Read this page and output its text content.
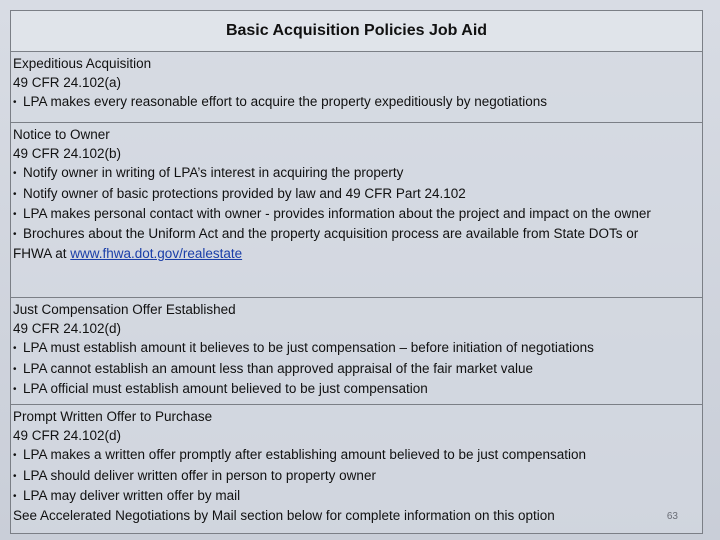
Basic Acquisition Policies Job Aid
Expeditious Acquisition
49 CFR 24.102(a)
• LPA makes every reasonable effort to acquire the property expeditiously by negotiations
Notice to Owner
49 CFR 24.102(b)
• Notify owner in writing of LPA’s interest in acquiring the property
• Notify owner of basic protections provided by law and 49 CFR Part 24.102
• LPA makes personal contact with owner - provides information about the project and impact on the owner
• Brochures about the Uniform Act and the property acquisition process are available from State DOTs or FHWA at www.fhwa.dot.gov/realestate
Just Compensation Offer Established
49 CFR 24.102(d)
• LPA must establish amount it believes to be just compensation – before initiation of negotiations
• LPA cannot establish an amount less than approved appraisal of the fair market value
• LPA official must establish amount believed to be just compensation
Prompt Written Offer to Purchase
49 CFR 24.102(d)
• LPA makes a written offer promptly after establishing amount believed to be just compensation
• LPA should deliver written offer in person to property owner
• LPA may deliver written offer by mail
See Accelerated Negotiations by Mail section below for complete information on this option	63
